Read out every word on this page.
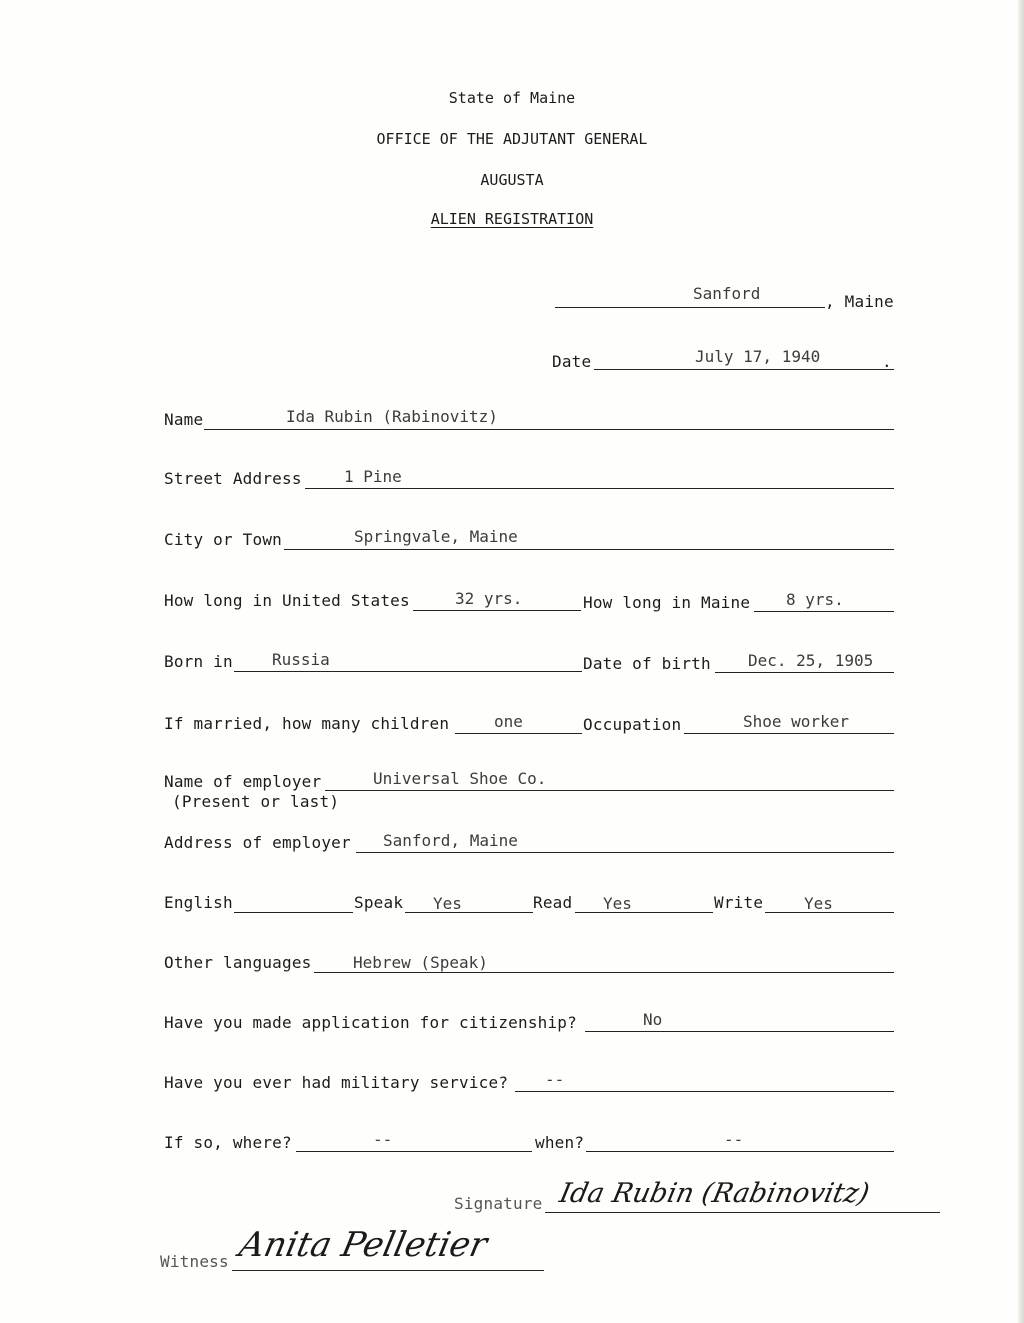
State of Maine
OFFICE OF THE ADJUTANT GENERAL
AUGUSTA
ALIEN REGISTRATION
Sanford	, Maine
Date	July 17, 1940	.
Name	Ida Rubin (Rabinovitz)
Street Address	1 Pine
City or Town	Springvale, Maine
How long in United States	32 yrs.	How long in Maine 8 yrs.
Born in Russia	Date of birth Dec. 25, 1905
If married, how many children	one	Occupation	Shoe worker
Name of employer
(Present or last)
Universal Shoe Co.
Address of employer Sanford, Maine
English	Speak Yes	Read Yes	Write	Yes
Other languages	Hebrew (Speak)
Have you made application for citizenship?	No
Have you ever had military service? --
If so, where?	--	when?	--
Signature Ida Rubin (Rabinovitz)
Witness Anita Pelletier
